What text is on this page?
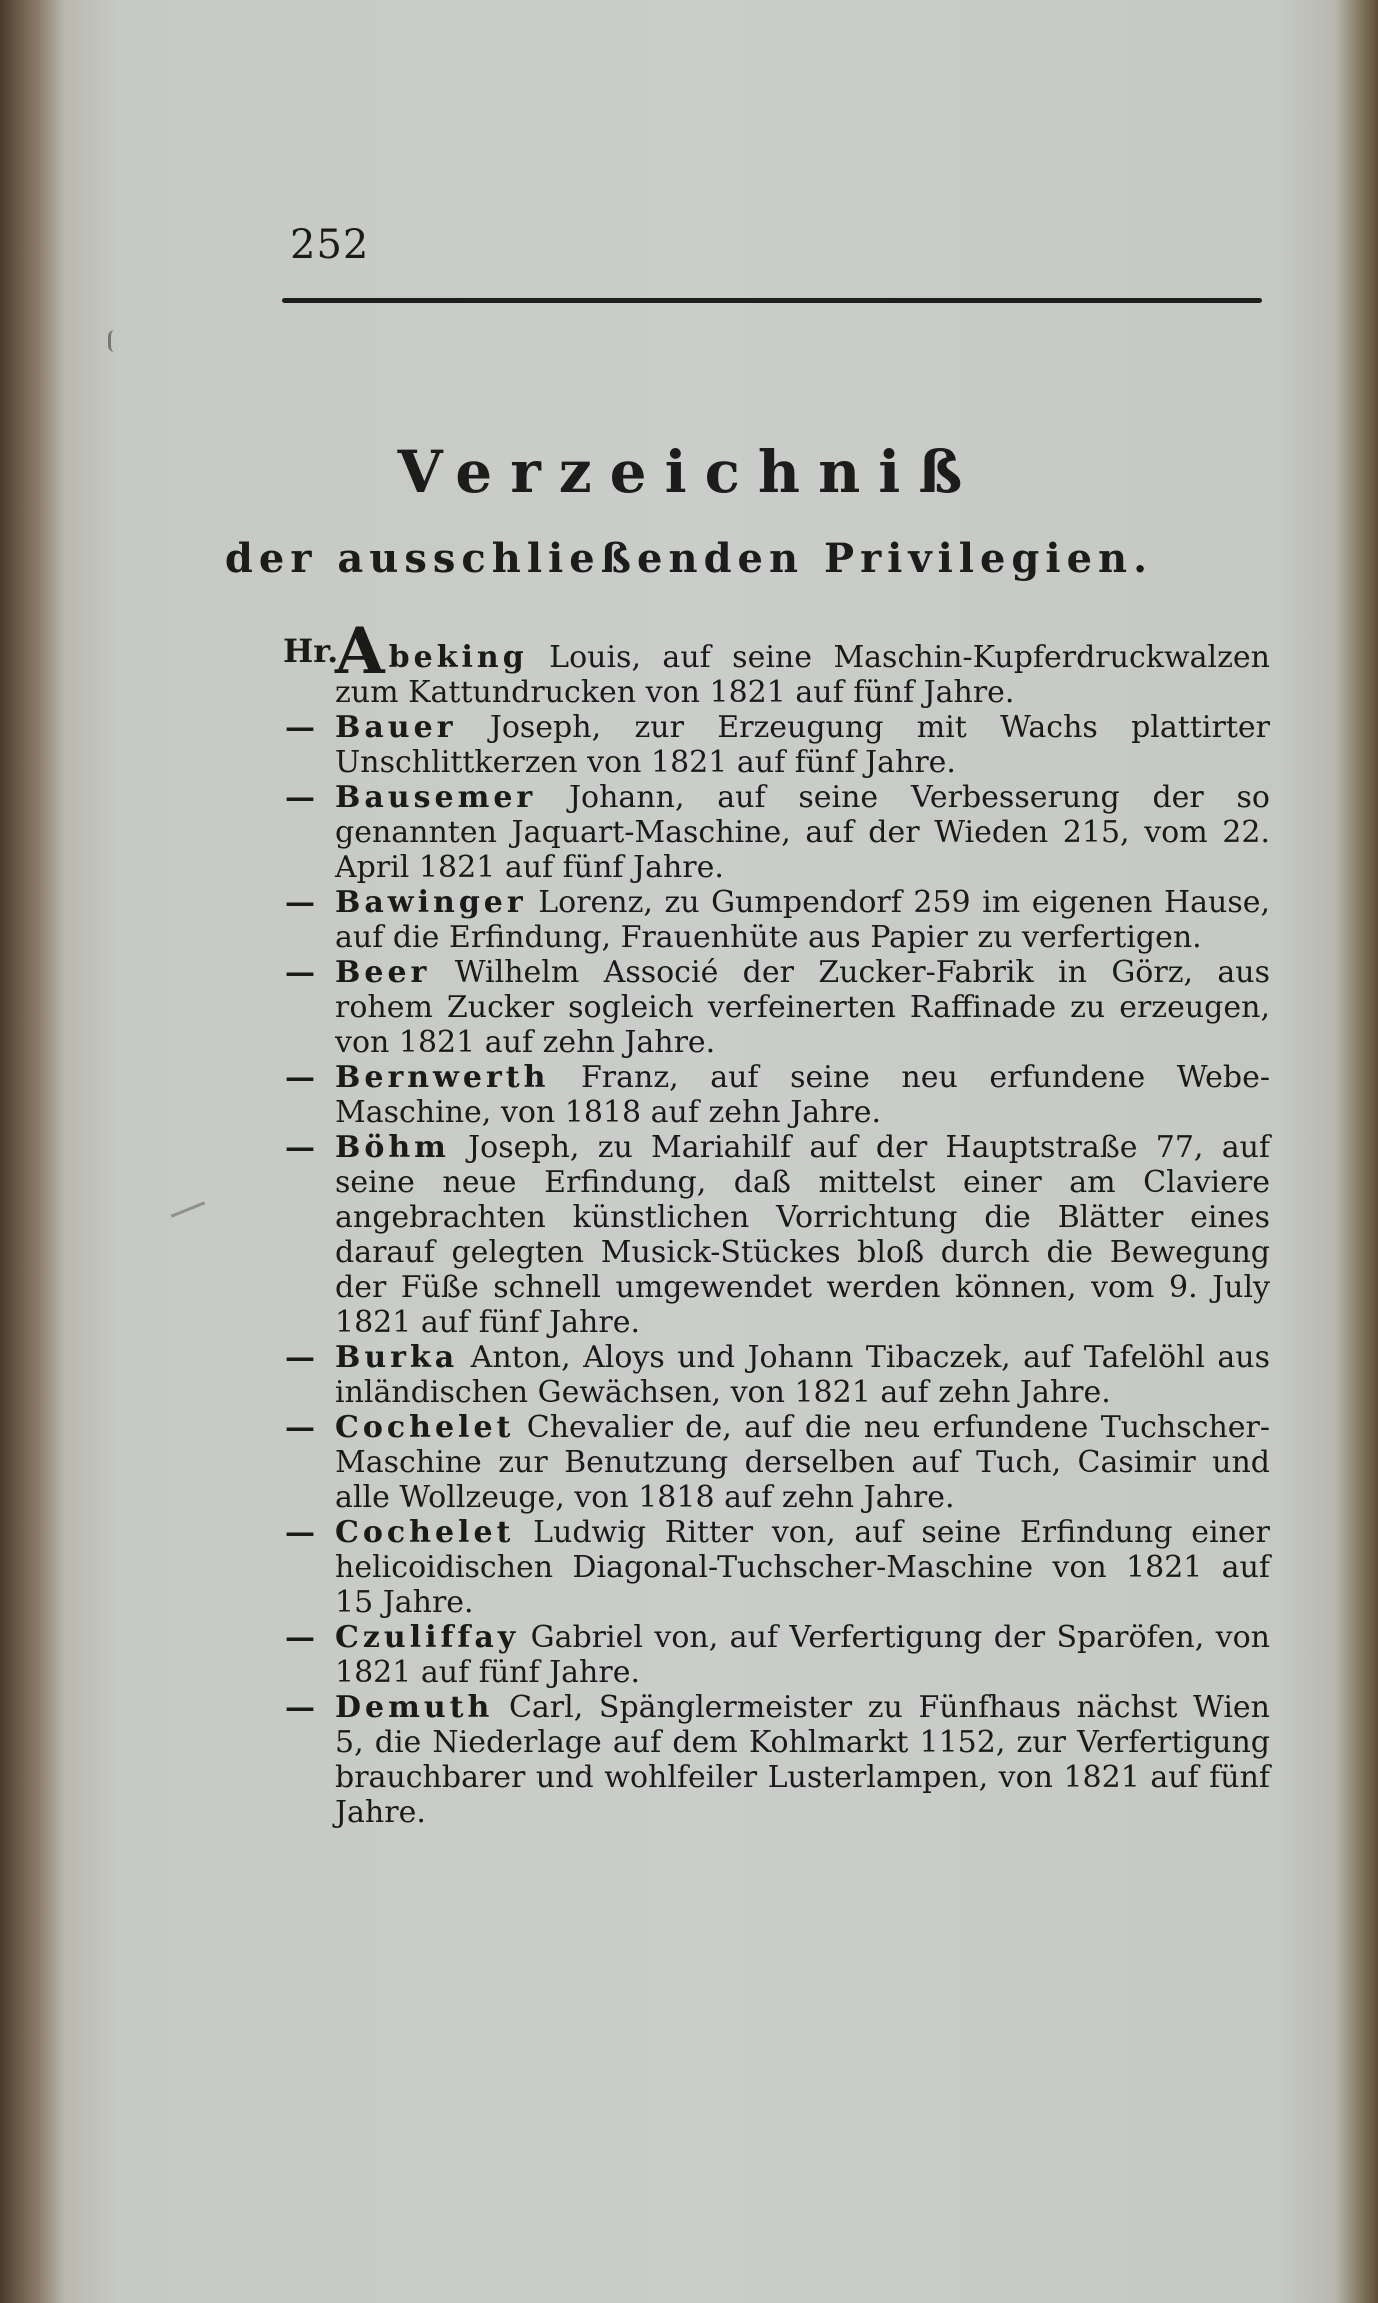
252
Verzeichniß
der ausschließenden Privilegien.

Hr.
Abeking Louis, auf seine Maschin-Kupferdruckwalzen zum Kattundrucken von 1821 auf fünf Jahre.

— Bauer Joseph, zur Erzeugung mit Wachs plattirter Unschlittkerzen von 1821 auf fünf Jahre.

— Bausemer Johann, auf seine Verbesserung der so genannten Jaquart-Maschine, auf der Wieden 215, vom 22. April 1821 auf fünf Jahre.

— Bawinger Lorenz, zu Gumpendorf 259 im eigenen Hause, auf die Erfindung, Frauenhüte aus Papier zu verfertigen.

— Beer Wilhelm Associé der Zucker-Fabrik in Görz, aus rohem Zucker sogleich verfeinerten Raffinade zu erzeugen, von 1821 auf zehn Jahre.

— Bernwerth Franz, auf seine neu erfundene Webe-Maschine, von 1818 auf zehn Jahre.

— Böhm Joseph, zu Mariahilf auf der Hauptstraße 77, auf seine neue Erfindung, daß mittelst einer am Claviere angebrachten künstlichen Vorrichtung die Blätter eines darauf gelegten Musick-Stückes bloß durch die Bewegung der Füße schnell umgewendet werden können, vom 9. July 1821 auf fünf Jahre.

— Burka Anton, Aloys und Johann Tibaczek, auf Tafelöhl aus inländischen Gewächsen, von 1821 auf zehn Jahre.

— Cochelet Chevalier de, auf die neu erfundene Tuchscher-Maschine zur Benutzung derselben auf Tuch, Casimir und alle Wollzeuge, von 1818 auf zehn Jahre.

— Cochelet Ludwig Ritter von, auf seine Erfindung einer helicoidischen Diagonal-Tuchscher-Maschine von 1821 auf 15 Jahre.

— Czuliffay Gabriel von, auf Verfertigung der Sparöfen, von 1821 auf fünf Jahre.

— Demuth Carl, Spänglermeister zu Fünfhaus nächst Wien 5, die Niederlage auf dem Kohlmarkt 1152, zur Verfertigung brauchbarer und wohlfeiler Lusterlampen, von 1821 auf fünf Jahre.
